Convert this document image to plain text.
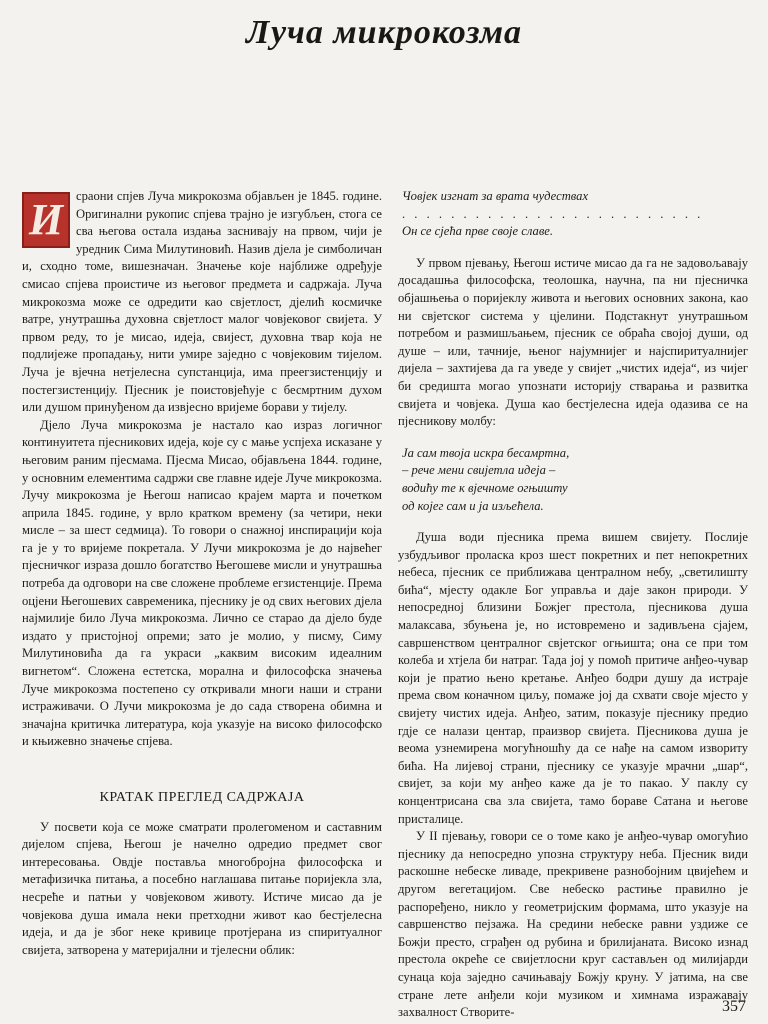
Луча микрокозма

И	сраони спјев Луча микрокозма објављен је 1845. године. Оригинални рукопис спјева трајно је изгубљен, стога се сва његова остала издања заснивају на првом, чији је уредник Сима Милутиновић. Назив дјела је симболичан и, сходно томе, вишезначан. Значење које најближе одређује смисао спјева проистиче из његовог предмета и садржаја. Луча микрокозма може се одредити као свјетлост, дјелић космичке ватре, унутрашња духовна свјетлост малог човјековог свијета. У првом реду, то је мисао, идеја, свијест, духовна твар која не подлијеже пропадању, нити умире заједно с човјековим тијелом. Луча је вјечна нетјелесна супстанција, има преегзистенцију и постегзистенцију. Пјесник је поистовјећује с бесмртним духом или душом принуђеном да извјесно вријеме борави у тијелу.

Дјело Луча микрокозма је настало као израз логичног континуитета пјесникових идеја, које су с мање успјеха исказане у његовим раним пјесмама. Пјесма Мисао, објављена 1844. године, у основним елементима садржи све главне идеје Луче микрокозма. Лучу микрокозма је Његош написао крајем марта и почетком априла 1845. године, у врло кратком времену (за четири, неки мисле – за шест седмица). То говори о снажној инспирацији која га је у то вријеме покретала. У Лучи микрокозма је до највећег пјесничког израза дошло богатство Његошеве мисли и унутрашња потреба да одговори на све сложене проблеме егзистенције. Према оцјени Његошевих савременика, пјеснику је од свих његових дјела најмилије било Луча микрокозма. Лично се старао да дјело буде издато у пристојној опреми; зато је молио, у писму, Симу Милутиновића да га украси „каквим високим идеалним вигнетом“. Сложена естетска, морална и философска значења Луче микрокозма постепено су откривали многи наши и страни истраживачи. О Лучи микрокозма је до сада створена обимна и значајна критичка литература, која указује на високо философско и књижевно значење спјева.

КРАТАК ПРЕГЛЕД САДРЖАЈА

У посвети која се може сматрати пролегоменом и саставним дијелом спјева, Његош је начелно одредио предмет свог интересовања. Овдје поставља многобројна философска и метафизичка питања, а посебно наглашава питање поријекла зла, несреће и патњи у човјековом животу. Истиче мисао да је човјекова душа имала неки претходни живот као бестјелесна идеја, и да је због неке кривице протјерана из спиритуалног свијета, затворена у материјални и тјелесни облик:

Човјек изгнат за врата чудествах
. . . . . . . . . . . . . . . . . . . . . . . . .
Он се сјећа прве своје славе.

У првом пјевању, Његош истиче мисао да га не задовољавају досадашња философска, теолошка, научна, па ни пјесничка објашњења о поријеклу живота и његових основних закона, као ни свјетског система у цјелини. Подстакнут унутрашњом потребом и размишљањем, пјесник се обраћа својој души, од душе – или, тачније, њеног најумнијег и најспиритуалнијег дијела – захтијева да га уведе у свијет „чистих идеја“, из чијег би средишта могао упознати историју стварања и развитка свијета и човјека. Душа као бестјелесна идеја одазива се на пјесникову молбу:

Ја сам твоја искра бесамртна,
– рече мени свијетла идеја –
водићу те к вјечноме огњишту
од којег сам и ја изљећела.

Душа води пјесника према вишем свијету. Послије узбудљивог проласка кроз шест покретних и пет непокретних небеса, пјесник се приближава централном небу, „светилишту бића“, мјесту одакле Бог управља и даје закон природи. У непосредној близини Божјег престола, пјесникова душа малаксава, збуњена је, но истовремено и задивљена сјајем, савршенством централног свјетског огњишта; она се при том колеба и хтјела би натраг. Тада јој у помоћ притиче анђео-чувар који је пратио њено кретање. Анђео бодри душу да истраје према свом коначном циљу, помаже јој да схвати своје мјесто у свијету чистих идеја. Анђео, затим, показује пјеснику предио гдје се налази центар, праизвор свијета. Пјесникова душа је веома узнемирена могућношћу да се нађе на самом извориту бића. На лијевој страни, пјеснику се указује мрачни „шар“, свијет, за који му анђео каже да је то пакао. У паклу су концентрисана сва зла свијета, тамо бораве Сатана и његове присталице.

У II пјевању, говори се о томе како је анђео-чувар омогућио пјеснику да непосредно упозна структуру неба. Пјесник види раскошне небеске ливаде, прекривене разнобојним цвијећем и другом вегетацијом. Све небеско растиње правилно је распоређено, никло у геометријским формама, што указује на савршенство пејзажа. На средини небеске равни уздиже се Божји престо, сграђен од рубина и брилијаната. Високо изнад престола окреће се свијетлосни круг састављен од милијарди сунаца која заједно сачињавају Божју круну. У јатима, на све стране лете анђели који музиком и химнама изражавају захвалност Створите-	357
